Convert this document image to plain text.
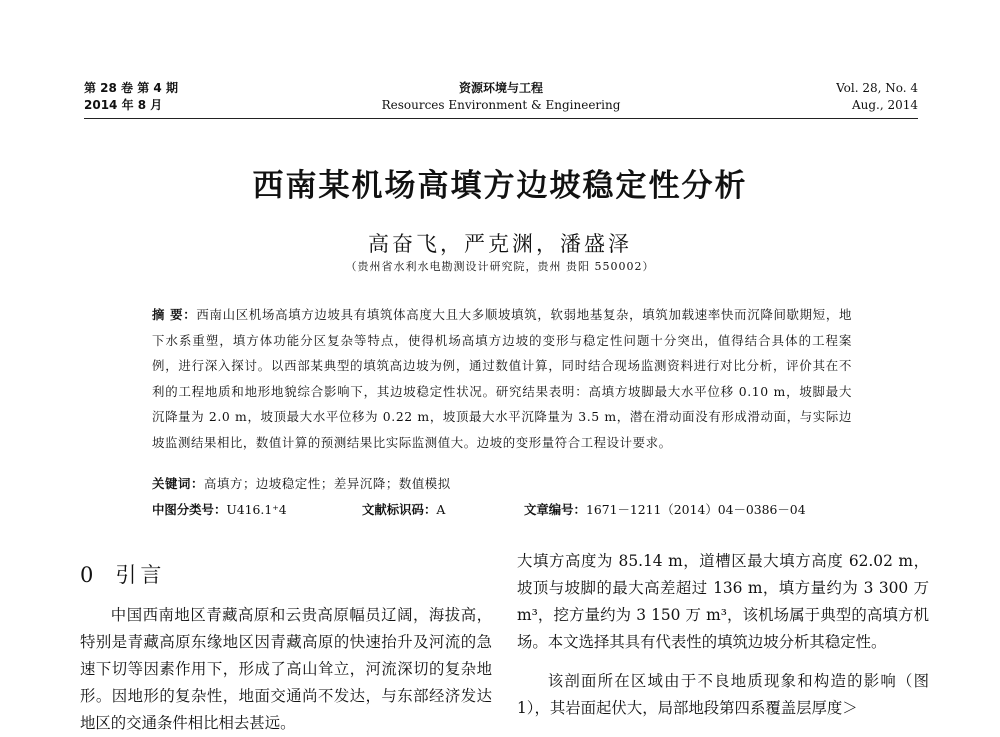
第 28 卷 第 4 期
2014 年 8 月
资源环境与工程
Resources Environment & Engineering
Vol. 28, No. 4
Aug., 2014
西南某机场高填方边坡稳定性分析
高奋飞，严克渊，潘盛泽
（贵州省水利水电勘测设计研究院，贵州 贵阳 550002）
摘 要：西南山区机场高填方边坡具有填筑体高度大且大多顺坡填筑，软弱地基复杂，填筑加载速率快而沉降间歇期短，地下水系重塑，填方体功能分区复杂等特点，使得机场高填方边坡的变形与稳定性问题十分突出，值得结合具体的工程案例，进行深入探讨。以西部某典型的填筑高边坡为例，通过数值计算，同时结合现场监测资料进行对比分析，评价其在不利的工程地质和地形地貌综合影响下，其边坡稳定性状况。研究结果表明：高填方坡脚最大水平位移 0.10 m，坡脚最大沉降量为 2.0 m，坡顶最大水平位移为 0.22 m，坡顶最大水平沉降量为 3.5 m，潜在滑动面没有形成滑动面，与实际边坡监测结果相比，数值计算的预测结果比实际监测值大。边坡的变形量符合工程设计要求。
关键词：高填方；边坡稳定性；差异沉降；数值模拟
中图分类号：U416.1⁺4	文献标识码：A	文章编号：1671－1211（2014）04－0386－04
0 引言

中国西南地区青藏高原和云贵高原幅员辽阔，海拔高，特别是青藏高原东缘地区因青藏高原的快速抬升及河流的急速下切等因素作用下，形成了高山耸立，河流深切的复杂地形。因地形的复杂性，地面交通尚不发达，与东部经济发达地区的交通条件相比相去甚远。

大填方高度为 85.14 m，道槽区最大填方高度 62.02 m，坡顶与坡脚的最大高差超过 136 m，填方量约为 3 300 万 m³，挖方量约为 3 150 万 m³，该机场属于典型的高填方机场。本文选择其具有代表性的填筑边坡分析其稳定性。

该剖面所在区域由于不良地质现象和构造的影响（图 1），其岩面起伏大，局部地段第四系覆盖层厚度＞
